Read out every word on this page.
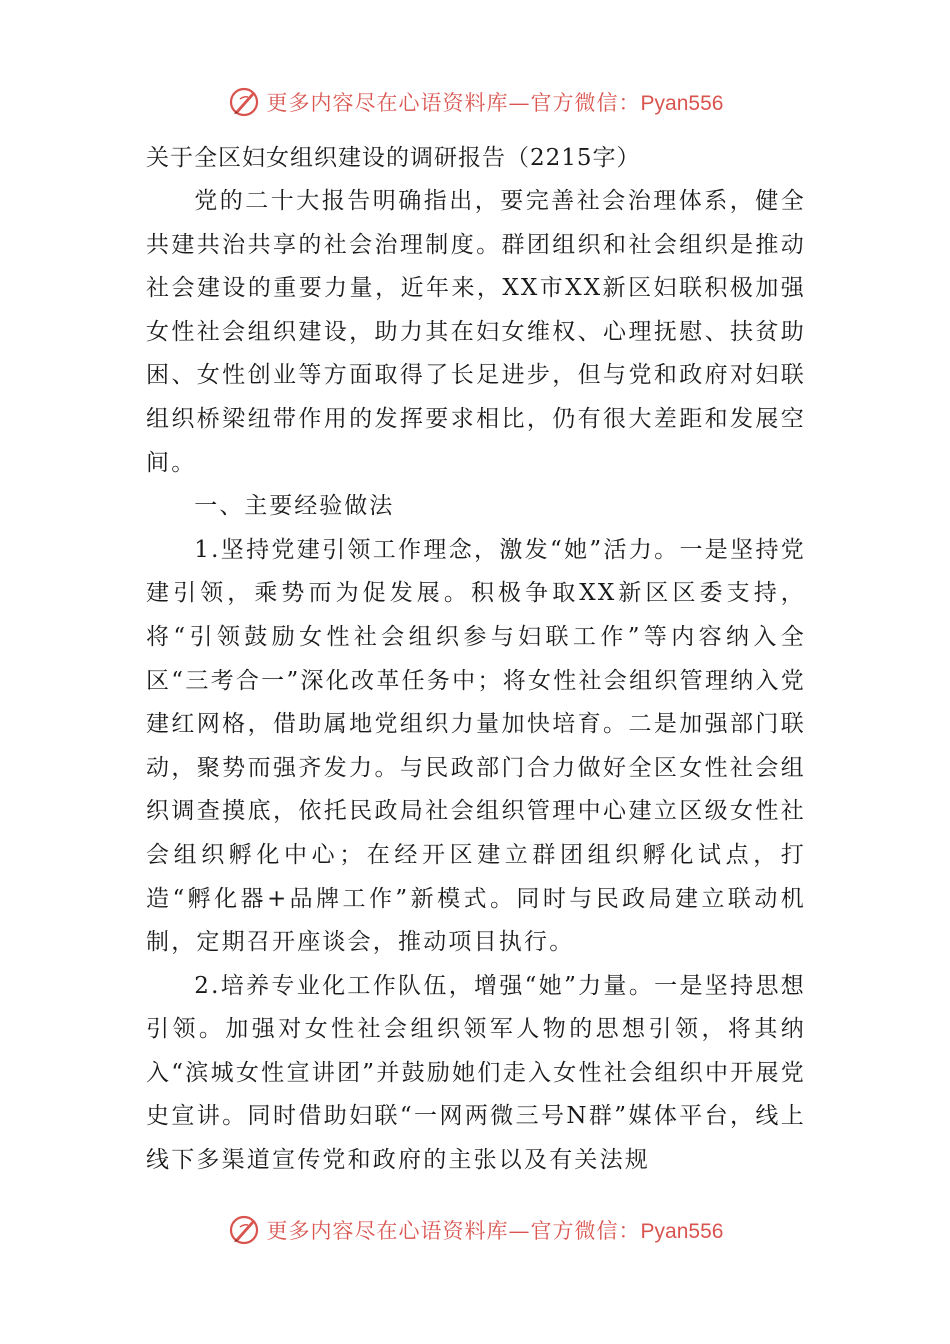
更多内容尽在心语资料库—官方微信：Pyan556

关于全区妇女组织建设的调研报告（2215字）

党的二十大报告明确指出，要完善社会治理体系，健全共建共治共享的社会治理制度。群团组织和社会组织是推动社会建设的重要力量，近年来，XX市XX新区妇联积极加强女性社会组织建设，助力其在妇女维权、心理抚慰、扶贫助困、女性创业等方面取得了长足进步，但与党和政府对妇联组织桥梁纽带作用的发挥要求相比，仍有很大差距和发展空间。

一、主要经验做法

1.坚持党建引领工作理念，激发“她”活力。一是坚持党建引领，乘势而为促发展。积极争取XX新区区委支持，将“引领鼓励女性社会组织参与妇联工作”等内容纳入全区“三考合一”深化改革任务中；将女性社会组织管理纳入党建红网格，借助属地党组织力量加快培育。二是加强部门联动，聚势而强齐发力。与民政部门合力做好全区女性社会组织调查摸底，依托民政局社会组织管理中心建立区级女性社会组织孵化中心；在经开区建立群团组织孵化试点，打造“孵化器+品牌工作”新模式。同时与民政局建立联动机制，定期召开座谈会，推动项目执行。

2.培养专业化工作队伍，增强“她”力量。一是坚持思想引领。加强对女性社会组织领军人物的思想引领，将其纳入“滨城女性宣讲团”并鼓励她们走入女性社会组织中开展党史宣讲。同时借助妇联“一网两微三号N群”媒体平台，线上线下多渠道宣传党和政府的主张以及有关法规

更多内容尽在心语资料库—官方微信：Pyan556
